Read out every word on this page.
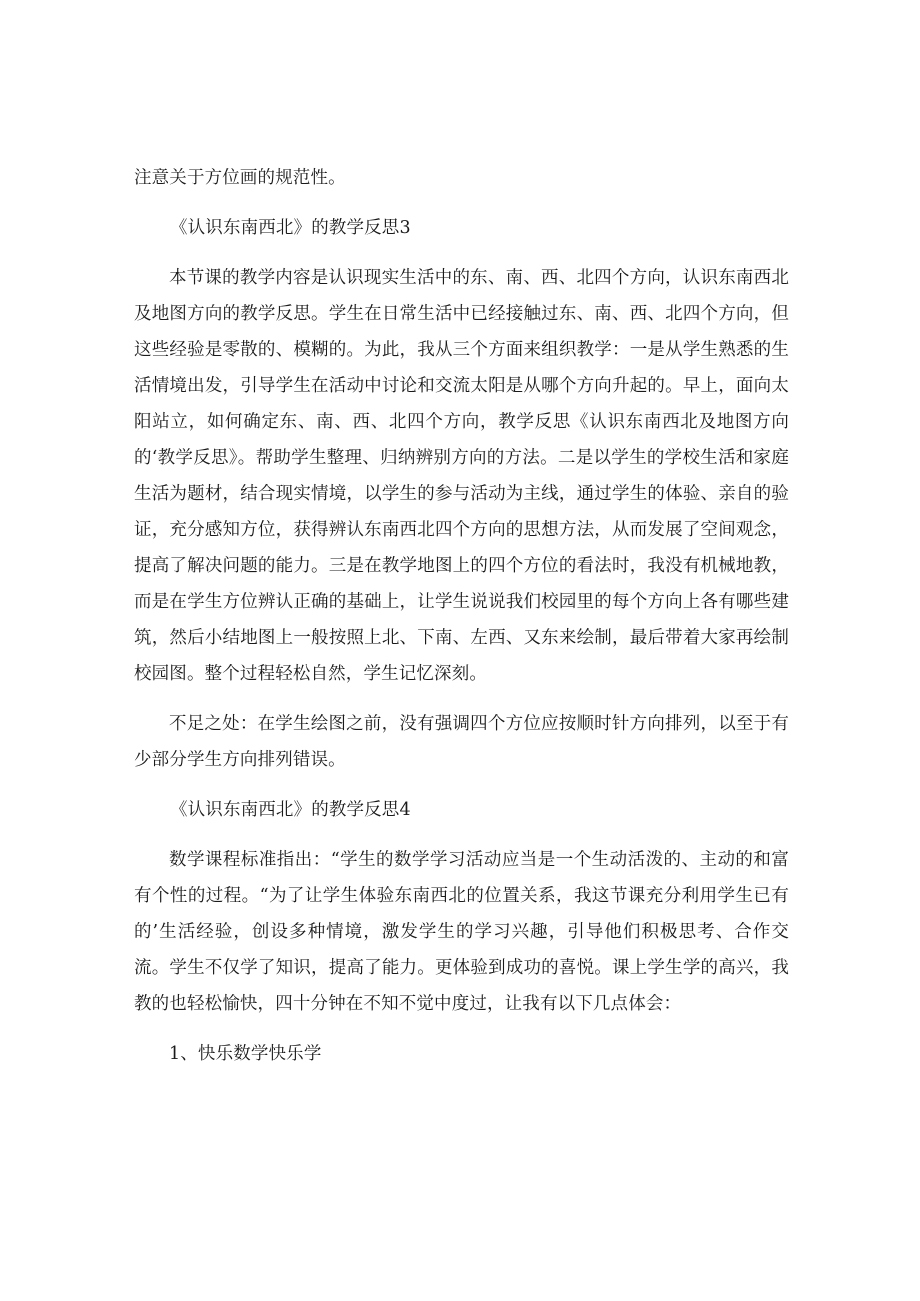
注意关于方位画的规范性。

《认识东南西北》的教学反思3

本节课的教学内容是认识现实生活中的东、南、西、北四个方向，认识东南西北及地图方向的教学反思。学生在日常生活中已经接触过东、南、西、北四个方向，但这些经验是零散的、模糊的。为此，我从三个方面来组织教学：一是从学生熟悉的生活情境出发，引导学生在活动中讨论和交流太阳是从哪个方向升起的。早上，面向太阳站立，如何确定东、南、西、北四个方向，教学反思《认识东南西北及地图方向的‘教学反思》。帮助学生整理、归纳辨别方向的方法。二是以学生的学校生活和家庭生活为题材，结合现实情境，以学生的参与活动为主线，通过学生的体验、亲自的验证，充分感知方位，获得辨认东南西北四个方向的思想方法，从而发展了空间观念，提高了解决问题的能力。三是在教学地图上的四个方位的看法时，我没有机械地教，而是在学生方位辨认正确的基础上，让学生说说我们校园里的每个方向上各有哪些建筑，然后小结地图上一般按照上北、下南、左西、又东来绘制，最后带着大家再绘制校园图。整个过程轻松自然，学生记忆深刻。

不足之处：在学生绘图之前，没有强调四个方位应按顺时针方向排列，以至于有少部分学生方向排列错误。

《认识东南西北》的教学反思4

数学课程标准指出：“学生的数学学习活动应当是一个生动活泼的、主动的和富有个性的过程。“为了让学生体验东南西北的位置关系，我这节课充分利用学生已有的’生活经验，创设多种情境，激发学生的学习兴趣，引导他们积极思考、合作交流。学生不仅学了知识，提高了能力。更体验到成功的喜悦。课上学生学的高兴，我教的也轻松愉快，四十分钟在不知不觉中度过，让我有以下几点体会：

1、快乐数学快乐学
